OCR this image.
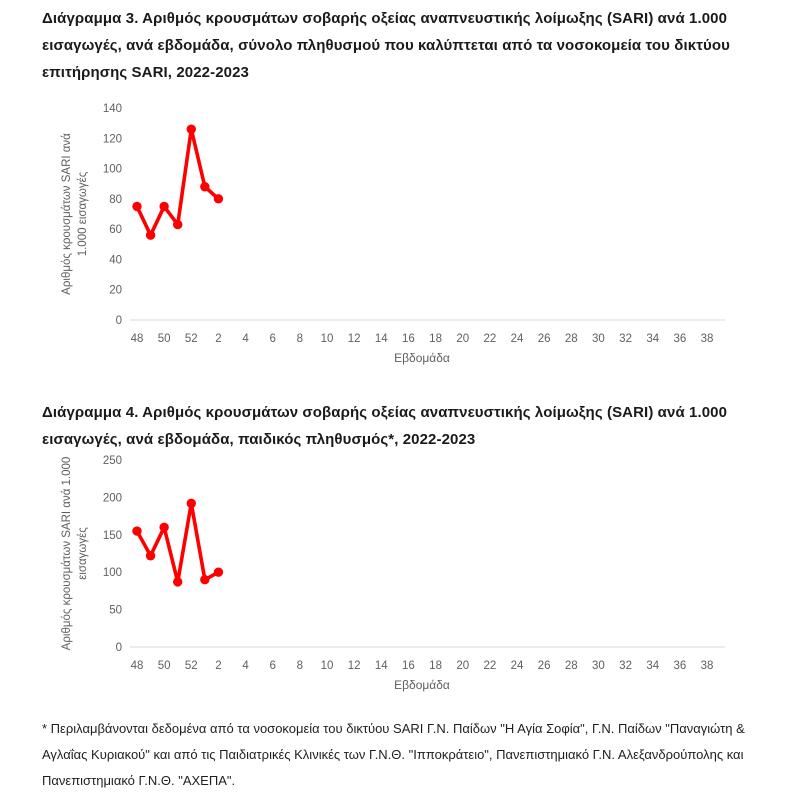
Διάγραμμα 3. Αριθμός κρουσμάτων σοβαρής οξείας αναπνευστικής λοίμωξης (SARI) ανά 1.000 εισαγωγές, ανά εβδομάδα, σύνολο πληθυσμού που καλύπτεται από τα νοσοκομεία του δικτύου επιτήρησης SARI, 2022-2023
0
20
40
60
80
100
120
140
48 50 52 2 4 6 8 10 12 14 16 18 20 22 24 26 28 30 32 34 36 38
Εβδομάδα
Αριθμός κρουσμάτων SARI ανά 1.000 εισαγωγές
Διάγραμμα 4. Αριθμός κρουσμάτων σοβαρής οξείας αναπνευστικής λοίμωξης (SARI) ανά 1.000 εισαγωγές, ανά εβδομάδα, παιδικός πληθυσμός*, 2022-2023
0
50
100
150
200
250
48 50 52 2 4 6 8 10 12 14 16 18 20 22 24 26 28 30 32 34 36 38
Εβδομάδα
Αριθμός κρουσμάτων SARI ανά 1.000 εισαγωγές
* Περιλαμβάνονται δεδομένα από τα νοσοκομεία του δικτύου SARI Γ.Ν. Παίδων "Η Αγία Σοφία", Γ.Ν. Παίδων "Παναγιώτη & Αγλαΐας Κυριακού" και από τις Παιδιατρικές Κλινικές των Γ.Ν.Θ. "Ιπποκράτειο", Πανεπιστημιακό Γ.Ν. Αλεξανδρούπολης και Πανεπιστημιακό Γ.Ν.Θ. "ΑΧΕΠΑ".
